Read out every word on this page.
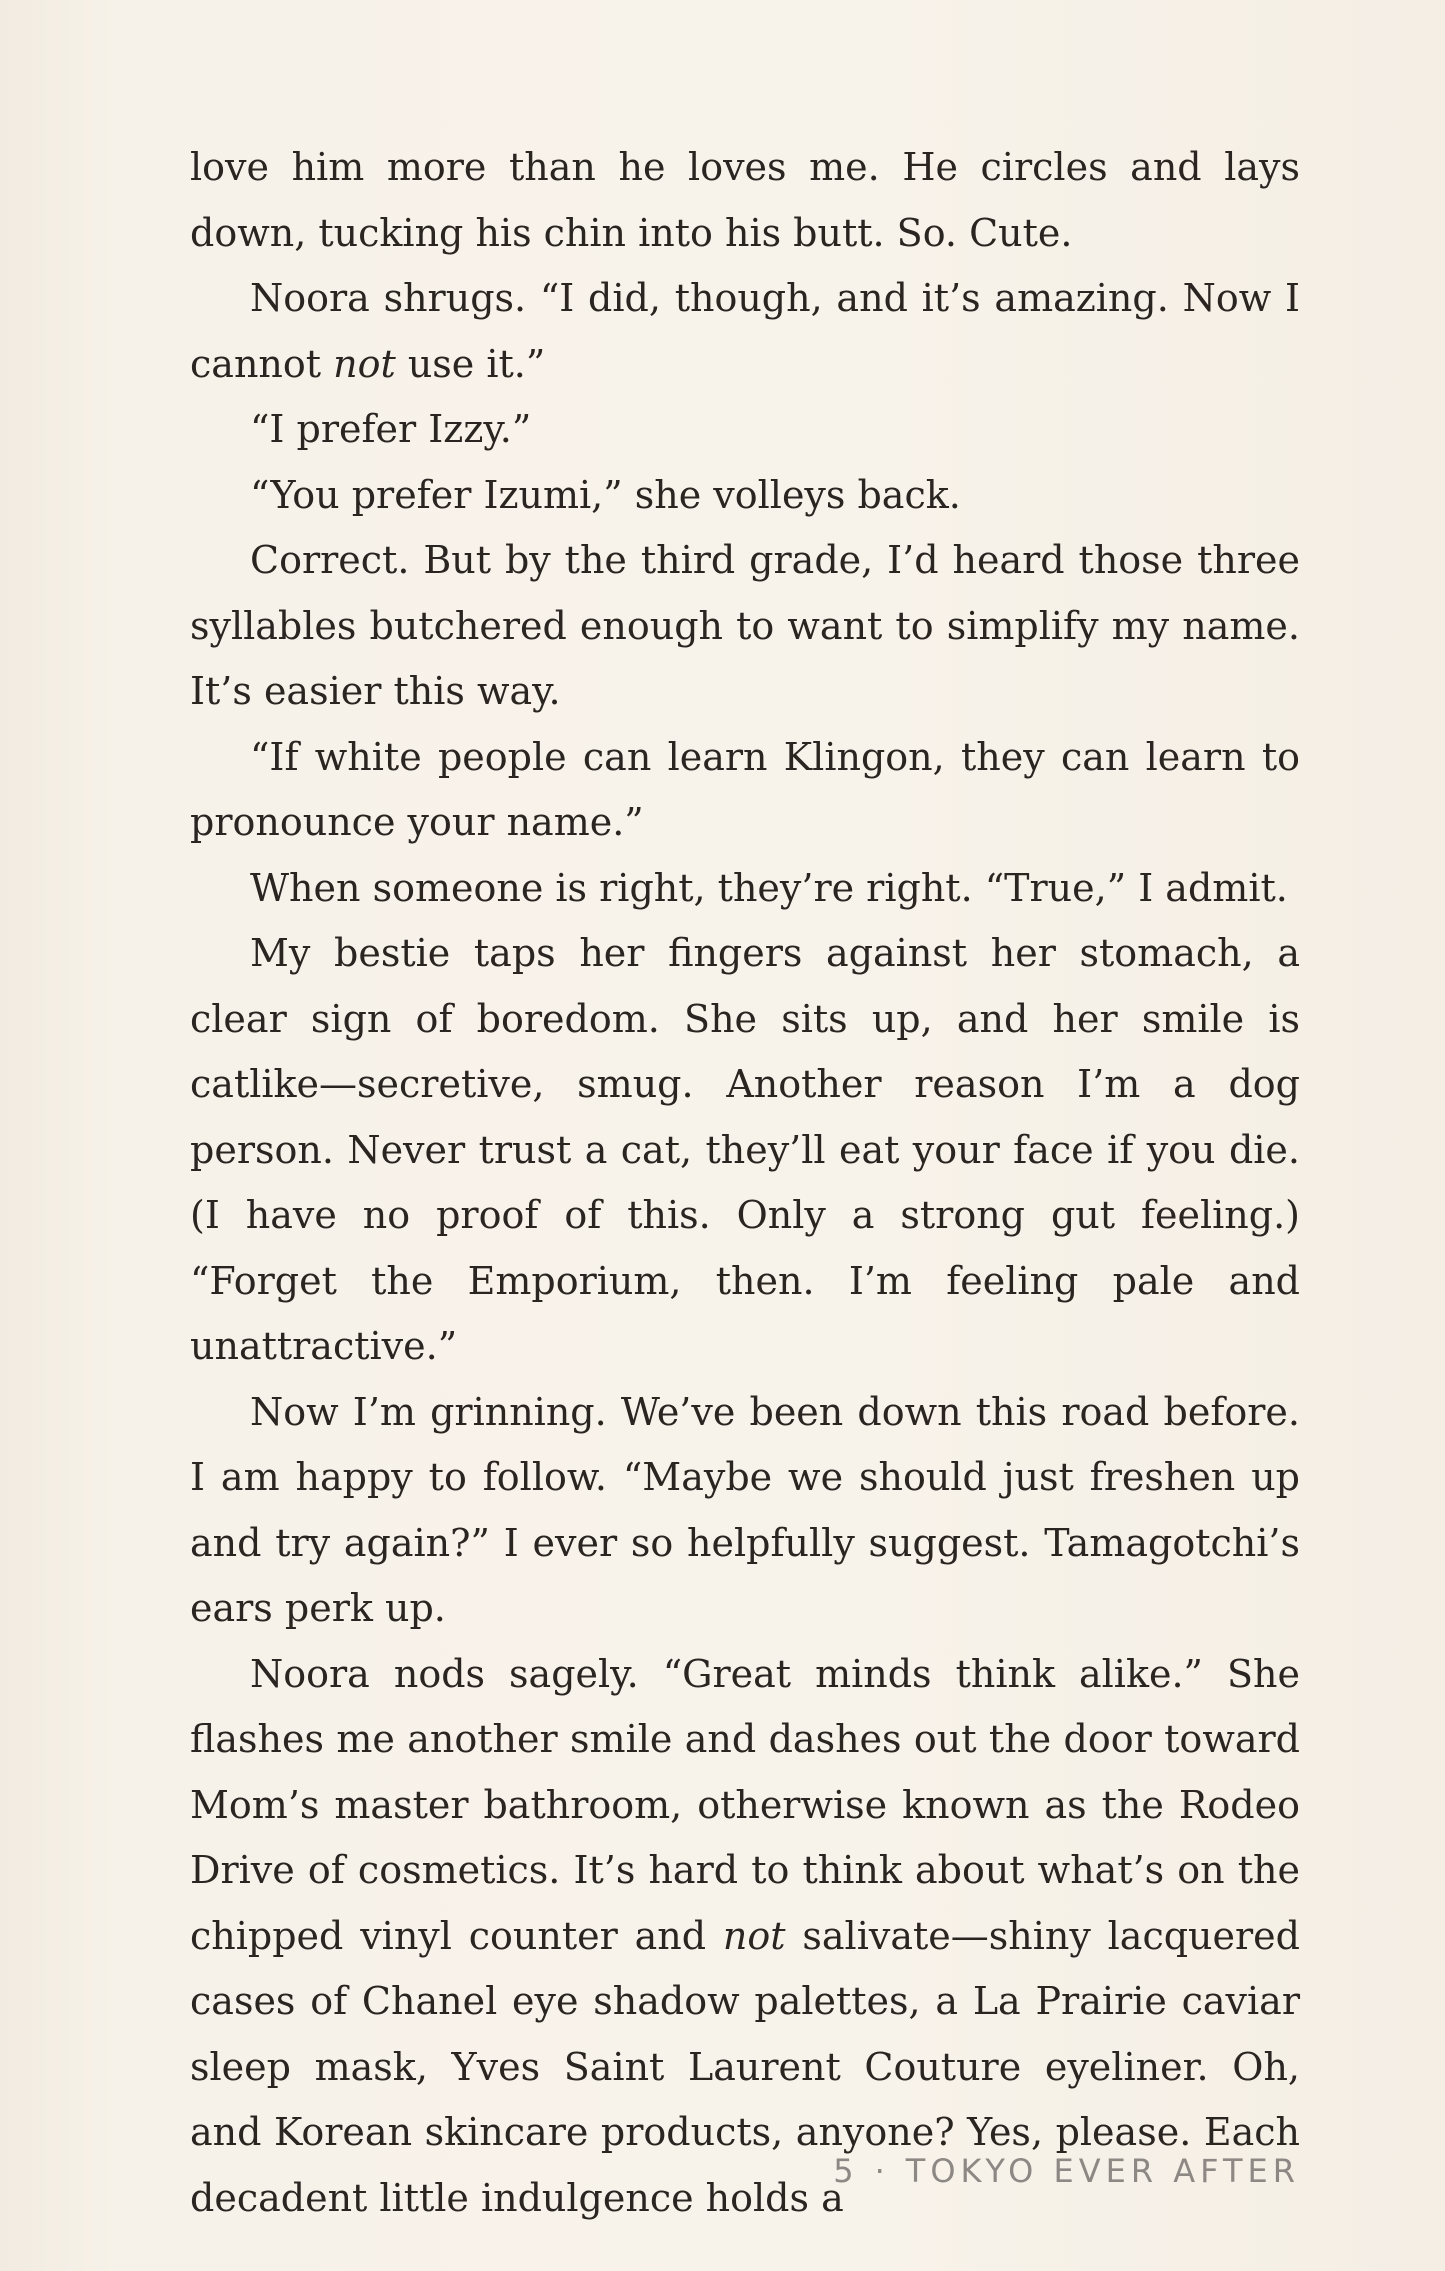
love him more than he loves me. He circles and lays down, tucking his chin into his butt. So. Cute.

Noora shrugs. “I did, though, and it’s amazing. Now I cannot not use it.”

“I prefer Izzy.”

“You prefer Izumi,” she volleys back.

Correct. But by the third grade, I’d heard those three syllables butchered enough to want to simplify my name. It’s easier this way.

“If white people can learn Klingon, they can learn to pronounce your name.”

When someone is right, they’re right. “True,” I admit.

My bestie taps her fingers against her stomach, a clear sign of boredom. She sits up, and her smile is catlike—secretive, smug. Another reason I’m a dog person. Never trust a cat, they’ll eat your face if you die. (I have no proof of this. Only a strong gut feeling.) “Forget the Emporium, then. I’m feeling pale and unattractive.”

Now I’m grinning. We’ve been down this road before. I am happy to follow. “Maybe we should just freshen up and try again?” I ever so helpfully suggest. Tamagotchi’s ears perk up.

Noora nods sagely. “Great minds think alike.” She flashes me another smile and dashes out the door toward Mom’s master bathroom, otherwise known as the Rodeo Drive of cosmetics. It’s hard to think about what’s on the chipped vinyl counter and not salivate—shiny lacquered cases of Chanel eye shadow palettes, a La Prairie caviar sleep mask, Yves Saint Laurent Couture eyeliner. Oh, and Korean skincare products, anyone? Yes, please. Each decadent little indulgence holds a

5 · TOKYO EVER AFTER
